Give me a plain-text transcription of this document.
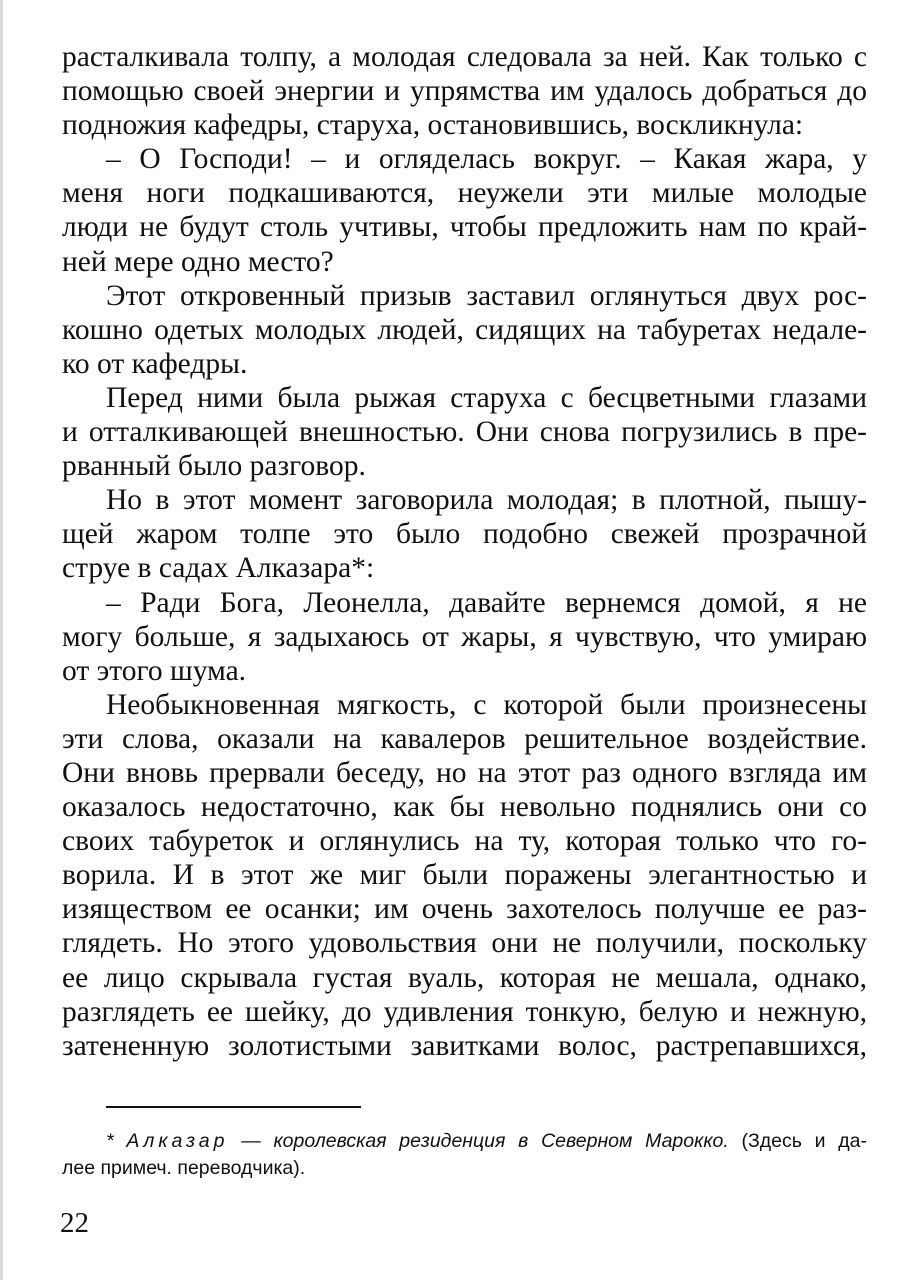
расталкивала толпу, а молодая следовала за ней. Как только с
помощью своей энергии и упрямства им удалось добраться до
подножия кафедры, старуха, остановившись, воскликнула:
– О Господи! – и огляделась вокруг. – Какая жара, у
меня ноги подкашиваются, неужели эти милые молодые
люди не будут столь учтивы, чтобы предложить нам по край-
ней мере одно место?
Этот откровенный призыв заставил оглянуться двух рос-
кошно одетых молодых людей, сидящих на табуретах недале-
ко от кафедры.
Перед ними была рыжая старуха с бесцветными глазами
и отталкивающей внешностью. Они снова погрузились в пре-
рванный было разговор.
Но в этот момент заговорила молодая; в плотной, пышу-
щей жаром толпе это было подобно свежей прозрачной
струе в садах Алказара*:
– Ради Бога, Леонелла, давайте вернемся домой, я не
могу больше, я задыхаюсь от жары, я чувствую, что умираю
от этого шума.
Необыкновенная мягкость, с которой были произнесены
эти слова, оказали на кавалеров решительное воздействие.
Они вновь прервали беседу, но на этот раз одного взгляда им
оказалось недостаточно, как бы невольно поднялись они со
своих табуреток и оглянулись на ту, которая только что го-
ворила. И в этот же миг были поражены элегантностью и
изяществом ее осанки; им очень захотелось получше ее раз-
глядеть. Но этого удовольствия они не получили, поскольку
ее лицо скрывала густая вуаль, которая не мешала, однако,
разглядеть ее шейку, до удивления тонкую, белую и нежную,
затененную золотистыми завитками волос, растрепавшихся,
* Алказар — королевская резиденция в Северном Марокко. (Здесь и да-
лее примеч. переводчика).
22
